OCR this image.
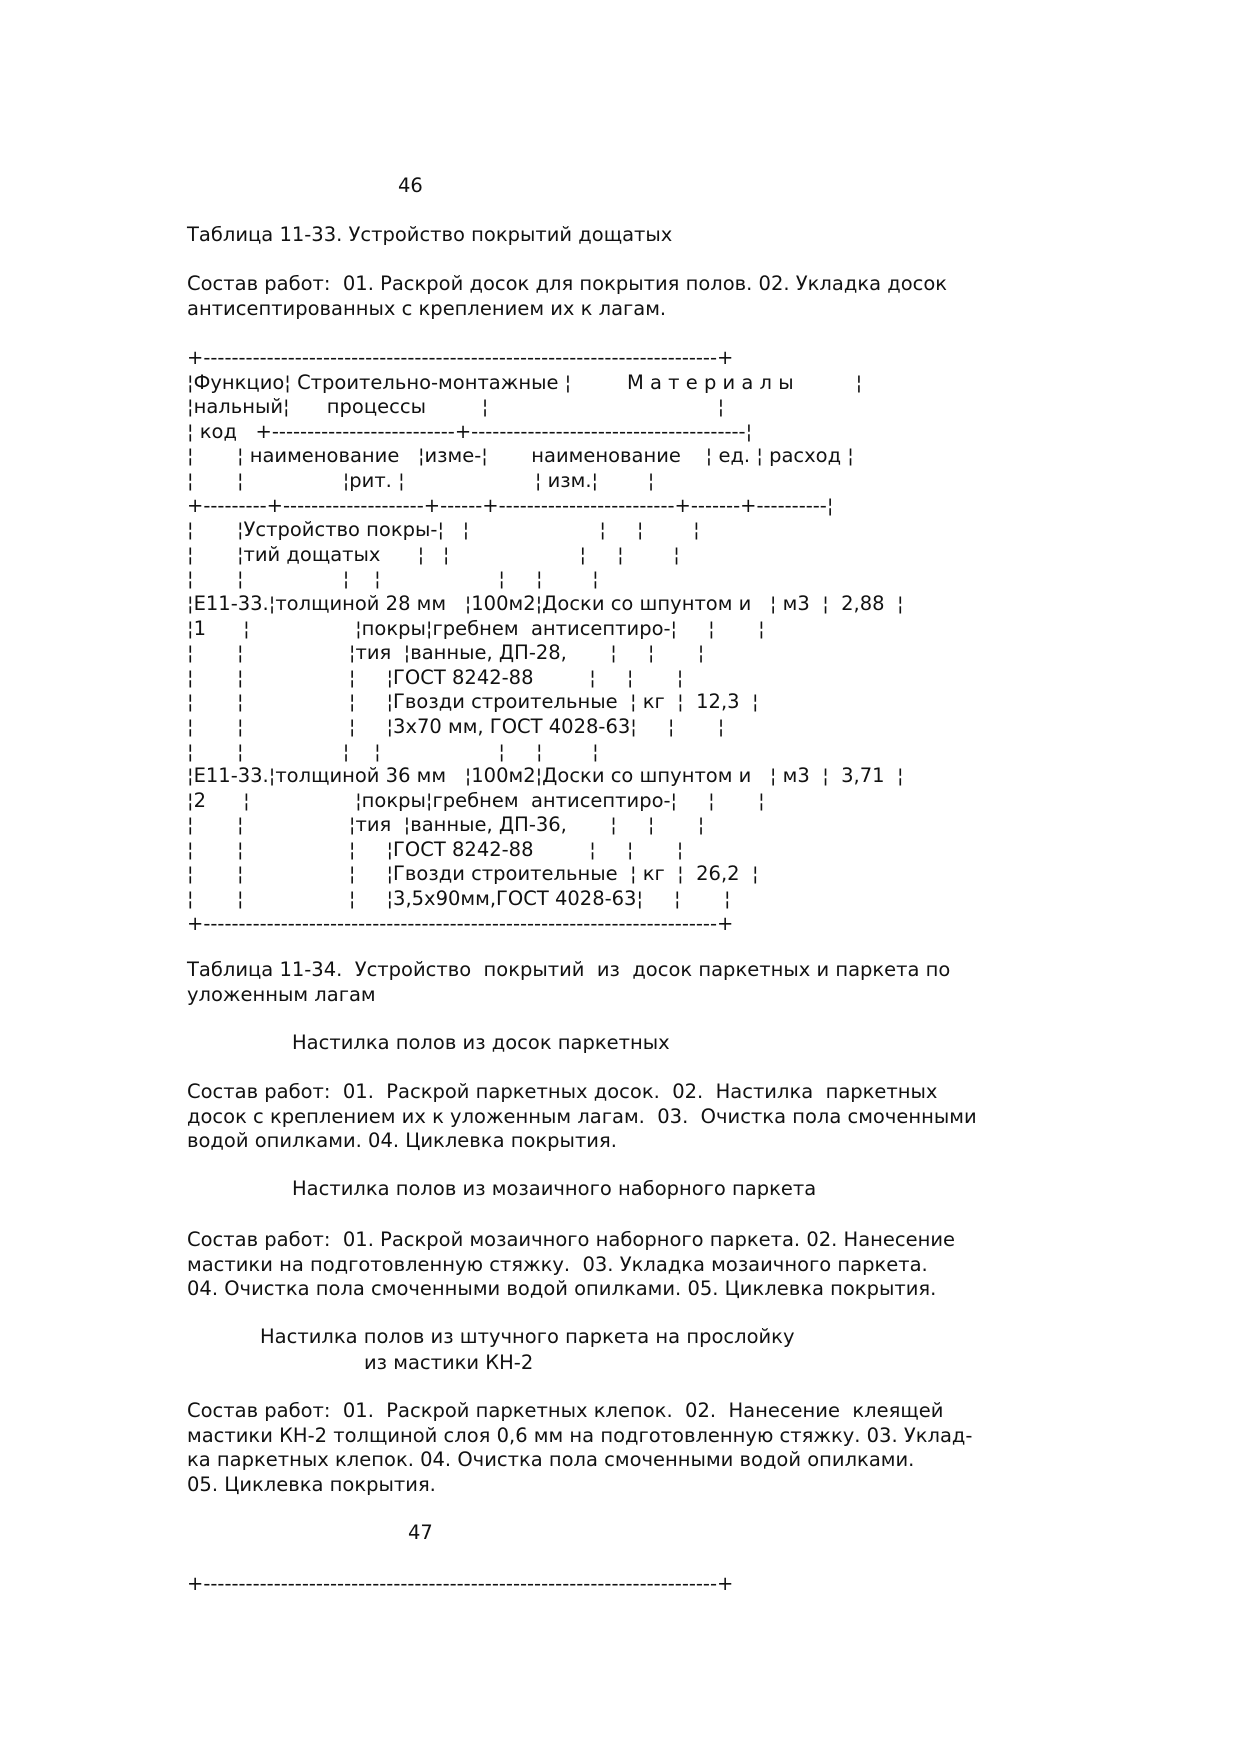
46
Таблица 11-33. Устройство покрытий дощатых
Состав работ:  01. Раскрой досок для покрытия полов. 02. Укладка досок
антисептированных с креплением их к лагам.
+-------------------------------------------------------------------------+
¦Функцио¦ Строительно-монтажные ¦         М а т е р и а л ы          ¦
¦нальный¦      процессы         ¦                                     ¦
¦ код   +--------------------------+---------------------------------------¦
¦       ¦ наименование   ¦изме-¦       наименование    ¦ ед. ¦ расход ¦
¦       ¦                ¦рит. ¦                     ¦ изм.¦        ¦
+---------+--------------------+------+-------------------------+-------+----------¦
¦       ¦Устройство покры-¦   ¦                     ¦     ¦        ¦
¦       ¦тий дощатых      ¦   ¦                     ¦     ¦        ¦
¦       ¦                ¦    ¦                   ¦     ¦        ¦
¦Е11-33.¦толщиной 28 мм   ¦100м2¦Доски со шпунтом и   ¦ м3  ¦  2,88  ¦
¦1      ¦                 ¦покры¦гребнем  антисептиро-¦     ¦       ¦
¦       ¦                 ¦тия  ¦ванные, ДП-28,       ¦     ¦       ¦
¦       ¦                 ¦     ¦ГОСТ 8242-88         ¦     ¦       ¦
¦       ¦                 ¦     ¦Гвозди строительные  ¦ кг  ¦  12,3  ¦
¦       ¦                 ¦     ¦3х70 мм, ГОСТ 4028-63¦     ¦       ¦
¦       ¦                ¦    ¦                   ¦     ¦        ¦
¦Е11-33.¦толщиной 36 мм   ¦100м2¦Доски со шпунтом и   ¦ м3  ¦  3,71  ¦
¦2      ¦                 ¦покры¦гребнем  антисептиро-¦     ¦       ¦
¦       ¦                 ¦тия  ¦ванные, ДП-36,       ¦     ¦       ¦
¦       ¦                 ¦     ¦ГОСТ 8242-88         ¦     ¦       ¦
¦       ¦                 ¦     ¦Гвозди строительные  ¦ кг  ¦  26,2  ¦
¦       ¦                 ¦     ¦3,5х90мм,ГОСТ 4028-63¦     ¦       ¦
+-------------------------------------------------------------------------+
Таблица 11-34.  Устройство  покрытий  из  досок паркетных и паркета по
уложенным лагам
Настилка полов из досок паркетных
Состав работ:  01.  Раскрой паркетных досок.  02.  Настилка  паркетных
досок с креплением их к уложенным лагам.  03.  Очистка пола смоченными
водой опилками. 04. Циклевка покрытия.
Настилка полов из мозаичного наборного паркета
Состав работ:  01. Раскрой мозаичного наборного паркета. 02. Нанесение
мастики на подготовленную стяжку.  03. Укладка мозаичного паркета.
04. Очистка пола смоченными водой опилками. 05. Циклевка покрытия.
Настилка полов из штучного паркета на прослойку
из мастики КН-2
Состав работ:  01.  Раскрой паркетных клепок.  02.  Нанесение  клеящей
мастики КН-2 толщиной слоя 0,6 мм на подготовленную стяжку. 03. Уклад-
ка паркетных клепок. 04. Очистка пола смоченными водой опилками.
05. Циклевка покрытия.
47
+-------------------------------------------------------------------------+
